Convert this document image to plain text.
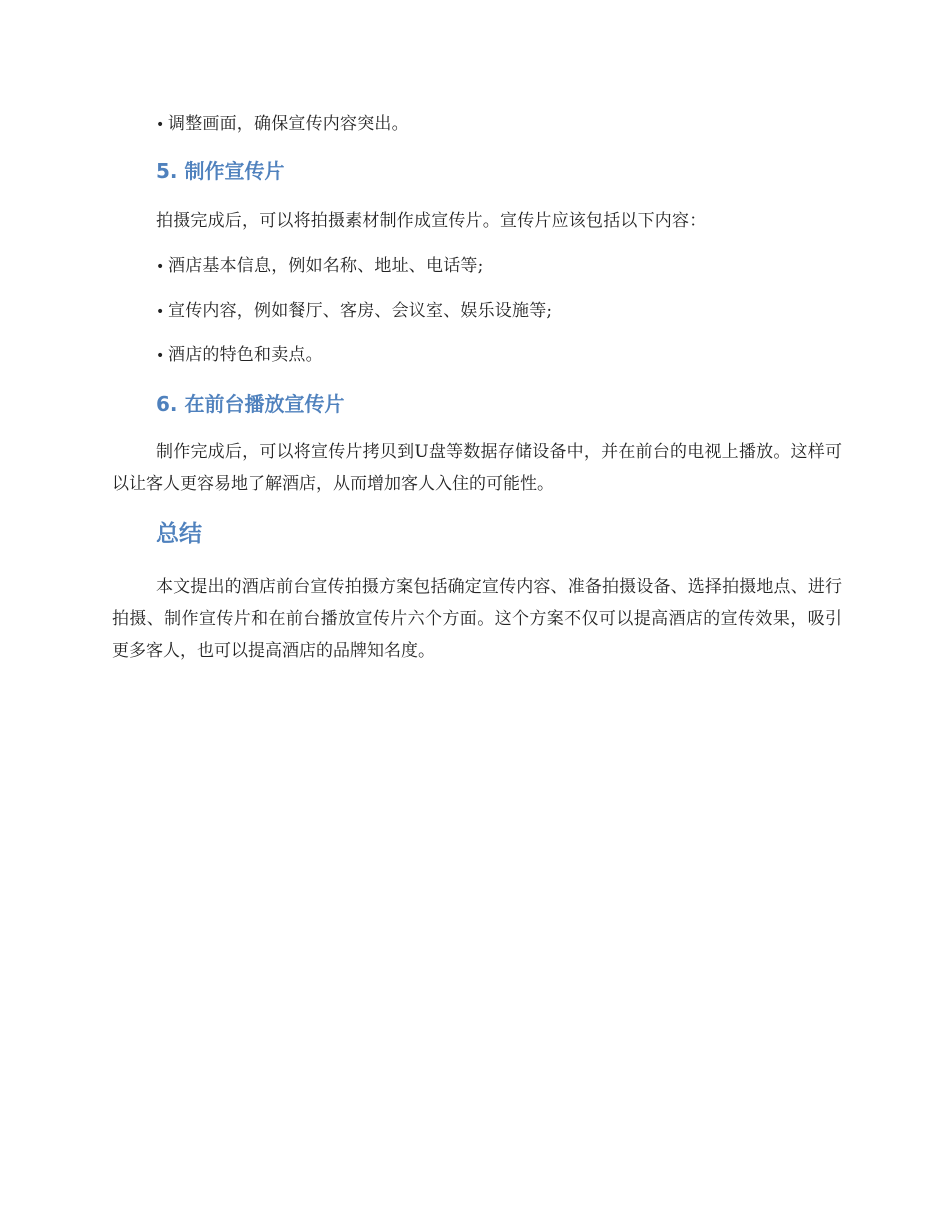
• 调整画面，确保宣传内容突出。
5. 制作宣传片
拍摄完成后，可以将拍摄素材制作成宣传片。宣传片应该包括以下内容：
• 酒店基本信息，例如名称、地址、电话等;
• 宣传内容，例如餐厅、客房、会议室、娱乐设施等;
• 酒店的特色和卖点。
6. 在前台播放宣传片
制作完成后，可以将宣传片拷贝到U盘等数据存储设备中，并在前台的电视上播放。这样可以让客人更容易地了解酒店，从而增加客人入住的可能性。
总结
本文提出的酒店前台宣传拍摄方案包括确定宣传内容、准备拍摄设备、选择拍摄地点、进行拍摄、制作宣传片和在前台播放宣传片六个方面。这个方案不仅可以提高酒店的宣传效果，吸引更多客人，也可以提高酒店的品牌知名度。
